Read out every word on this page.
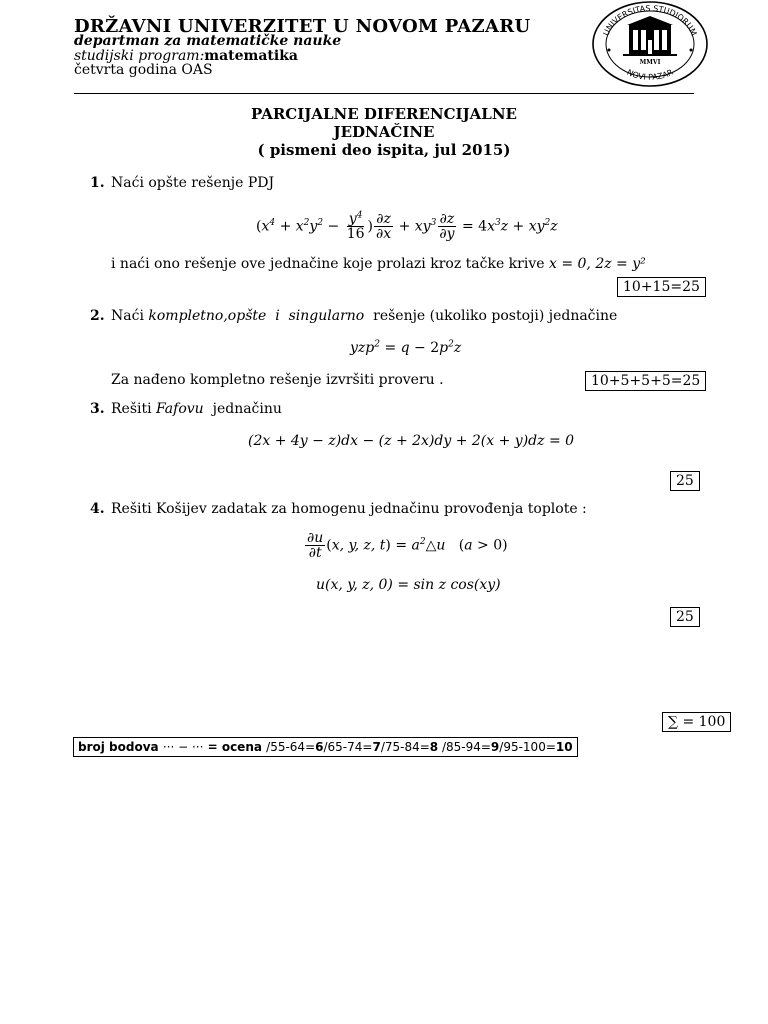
DRŽAVNI UNIVERZITET U NOVOM PAZARU
departman za matematičke nauke
studijski program:matematika
četvrta godina OAS
UNIVERSITAS STUDIORUM
NOVI PAZAR
MMVI
PARCIJALNE DIFERENCIJALNE
JEDNAČINE
( pismeni deo ispita, jul 2015)
1. Naći opšte rešenje PDJ
($x^4 + x^2y^2 - \frac{y^4}{16}$ ) $\frac{\partial z}{\partial x} + xy^3 \frac{\partial z}{\partial y} = 4x^3z + xy^2z$
i naći ono rešenje ove jednačine koje prolazi kroz tačke krive x = 0, 2z = y²
10+15=25
2. Naći kompletno,opšte i singularno rešenje (ukoliko postoji) jednačine
$yzp^2 = q - 2p^2z$
Za nađeno kompletno rešenje izvršiti proveru .	10+5+5+5=25
3. Rešiti Fafovu jednačinu
(2x + 4y − z)dx − (z + 2x)dy + 2(x + y)dz = 0
25
4. Rešiti Košijev zadatak za homogenu jednačinu provođenja toplote :
$\frac{\partial u}{\partial t} (x$, y, z, $t) = a^2\triangle u$   (a > 0)
u(x, y, z, 0) = sin z cos(xy)
25
∑ = 100
broj bodova ··· − ··· = ocena /55-64=6/65-74=7/75-84=8 /85-94=9/95-100=10
